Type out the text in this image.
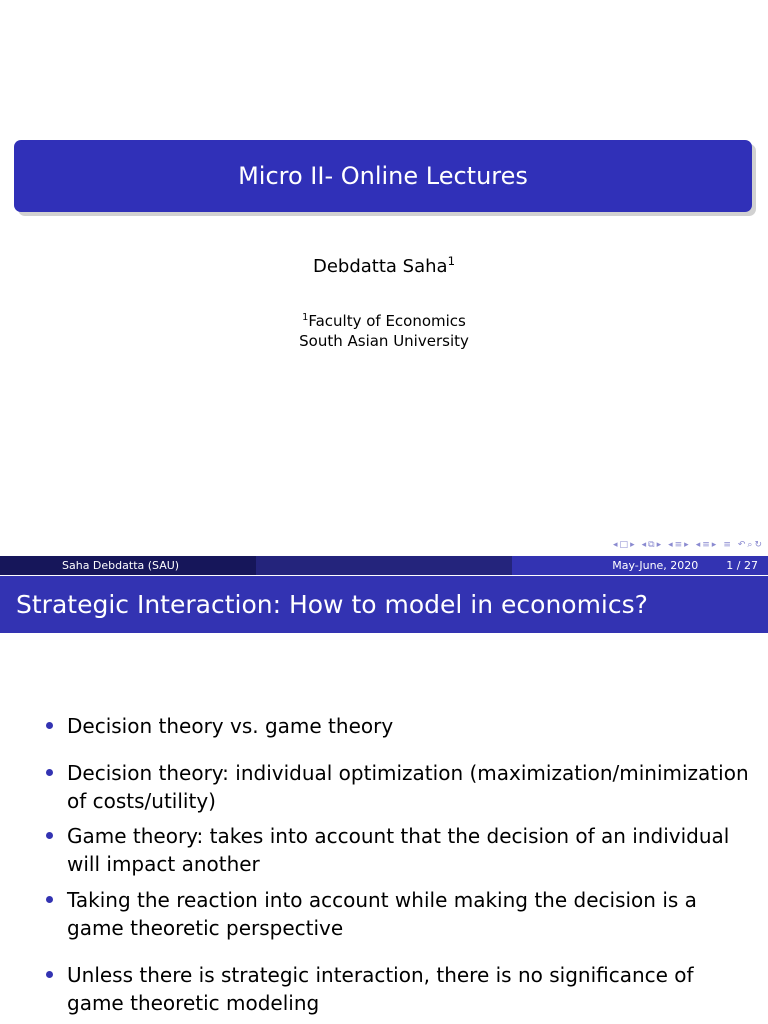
Micro II- Online Lectures
Debdatta Saha$^1$
$^1$Faculty of Economics
South Asian University
◂ □ ▸ ◂ ⧉ ▸ ◂ ≡ ▸ ◂ ≡ ▸ ≡ ↶ ⌕ ↻
Saha Debdatta (SAU)	May-June, 2020	1 / 27
Strategic Interaction: How to model in economics?
Decision theory vs. game theory
Decision theory: individual optimization (maximization/minimization of costs/utility)
Game theory: takes into account that the decision of an individual will impact another
Taking the reaction into account while making the decision is a game theoretic perspective
Unless there is strategic interaction, there is no significance of game theoretic modeling
